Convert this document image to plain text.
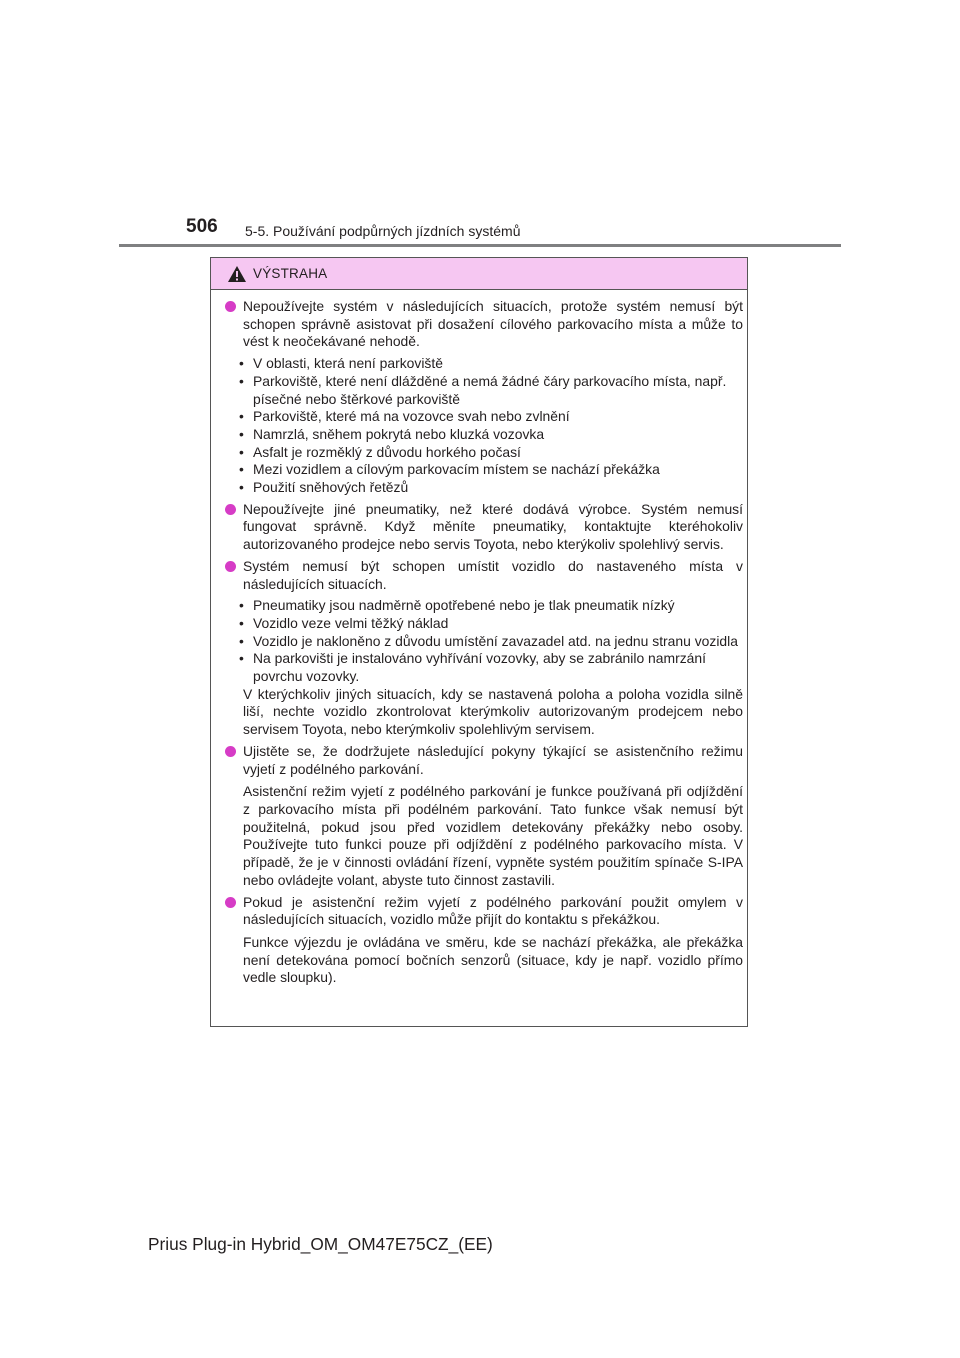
506 5-5. Používání podpůrných jízdních systémů
VÝSTRAHA
Nepoužívejte systém v následujících situacích, protože systém nemusí být schopen správně asistovat při dosažení cílového parkovacího místa a může to vést k neočekávané nehodě.
• V oblasti, která není parkoviště
• Parkoviště, které není dlážděné a nemá žádné čáry parkovacího místa, např. písečné nebo štěrkové parkoviště
• Parkoviště, které má na vozovce svah nebo zvlnění
• Namrzlá, sněhem pokrytá nebo kluzká vozovka
• Asfalt je rozměklý z důvodu horkého počasí
• Mezi vozidlem a cílovým parkovacím místem se nachází překážka
• Použití sněhových řetězů
Nepoužívejte jiné pneumatiky, než které dodává výrobce. Systém nemusí fungovat správně. Když měníte pneumatiky, kontaktujte kteréhokoliv autorizovaného prodejce nebo servis Toyota, nebo kterýkoliv spolehlivý servis.
Systém nemusí být schopen umístit vozidlo do nastaveného místa v následujících situacích.
• Pneumatiky jsou nadměrně opotřebené nebo je tlak pneumatik nízký
• Vozidlo veze velmi těžký náklad
• Vozidlo je nakloněno z důvodu umístění zavazadel atd. na jednu stranu vozidla
• Na parkovišti je instalováno vyhřívání vozovky, aby se zabránilo namrzání povrchu vozovky.
V kterýchkoliv jiných situacích, kdy se nastavená poloha a poloha vozidla silně liší, nechte vozidlo zkontrolovat kterýmkoliv autorizovaným prodejcem nebo servisem Toyota, nebo kterýmkoliv spolehlivým servisem.
Ujistěte se, že dodržujete následující pokyny týkající se asistenčního režimu vyjetí z podélného parkování.
Asistenční režim vyjetí z podélného parkování je funkce používaná při odjíždění z parkovacího místa při podélném parkování. Tato funkce však nemusí být použitelná, pokud jsou před vozidlem detekovány překážky nebo osoby. Používejte tuto funkci pouze při odjíždění z podélného parkovacího místa. V případě, že je v činnosti ovládání řízení, vypněte systém použitím spínače S-IPA nebo ovládejte volant, abyste tuto činnost zastavili.
Pokud je asistenční režim vyjetí z podélného parkování použit omylem v následujících situacích, vozidlo může přijít do kontaktu s překážkou.
Funkce výjezdu je ovládána ve směru, kde se nachází překážka, ale překážka není detekována pomocí bočních senzorů (situace, kdy je např. vozidlo přímo vedle sloupku).
Prius Plug-in Hybrid_OM_OM47E75CZ_(EE)
